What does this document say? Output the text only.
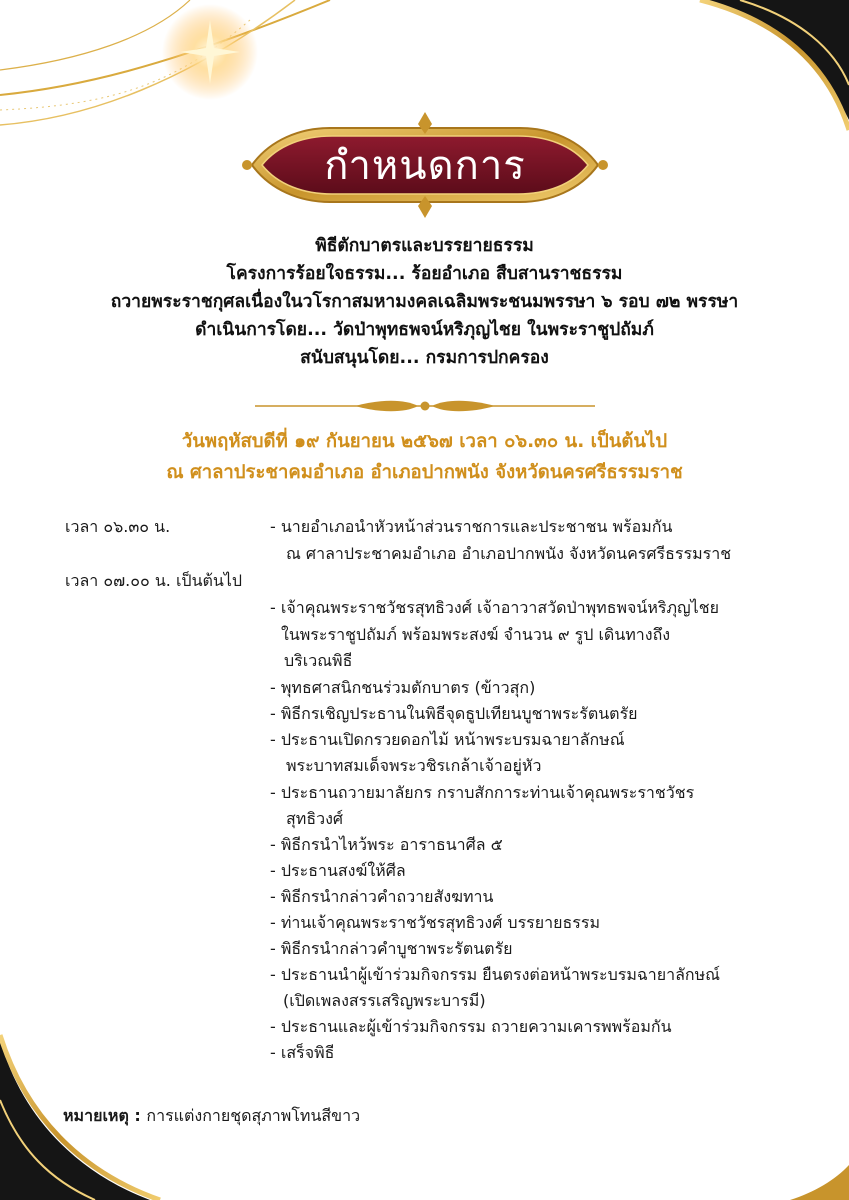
กำหนดการ
พิธีตักบาตรและบรรยายธรรม
โครงการร้อยใจธรรม... ร้อยอำเภอ สืบสานราชธรรม
ถวายพระราชกุศลเนื่องในวโรกาสมหามงคลเฉลิมพระชนมพรรษา ๖ รอบ ๗๒ พรรษา
ดำเนินการโดย... วัดป่าพุทธพจน์หริภุญไชย ในพระราชูปถัมภ์
สนับสนุนโดย... กรมการปกครอง
วันพฤหัสบดีที่ ๑๙ กันยายน ๒๕๖๗ เวลา ๐๖.๓๐ น. เป็นต้นไป
ณ ศาลาประชาคมอำเภอ อำเภอปากพนัง จังหวัดนครศรีธรรมราช
เวลา ๐๖.๓๐ น.	- นายอำเภอนำหัวหน้าส่วนราชการและประชาชน พร้อมกัน
ณ ศาลาประชาคมอำเภอ อำเภอปากพนัง จังหวัดนครศรีธรรมราช
เวลา ๐๗.๐๐ น. เป็นต้นไป
- เจ้าคุณพระราชวัชรสุทธิวงศ์ เจ้าอาวาสวัดป่าพุทธพจน์หริภุญไชย
ในพระราชูปถัมภ์ พร้อมพระสงฆ์ จำนวน ๙ รูป เดินทางถึง
บริเวณพิธี
- พุทธศาสนิกชนร่วมตักบาตร (ข้าวสุก)
- พิธีกรเชิญประธานในพิธีจุดธูปเทียนบูชาพระรัตนตรัย
- ประธานเปิดกรวยดอกไม้ หน้าพระบรมฉายาลักษณ์
พระบาทสมเด็จพระวชิรเกล้าเจ้าอยู่หัว
- ประธานถวายมาลัยกร กราบสักการะท่านเจ้าคุณพระราชวัชร
สุทธิวงศ์
- พิธีกรนำไหว้พระ อาราธนาศีล ๕
- ประธานสงฆ์ให้ศีล
- พิธีกรนำกล่าวคำถวายสังฆทาน
- ท่านเจ้าคุณพระราชวัชรสุทธิวงศ์ บรรยายธรรม
- พิธีกรนำกล่าวคำบูชาพระรัตนตรัย
- ประธานนำผู้เข้าร่วมกิจกรรม ยืนตรงต่อหน้าพระบรมฉายาลักษณ์
(เปิดเพลงสรรเสริญพระบารมี)
- ประธานและผู้เข้าร่วมกิจกรรม ถวายความเคารพพร้อมกัน
- เสร็จพิธี
หมายเหตุ : การแต่งกายชุดสุภาพโทนสีขาว
